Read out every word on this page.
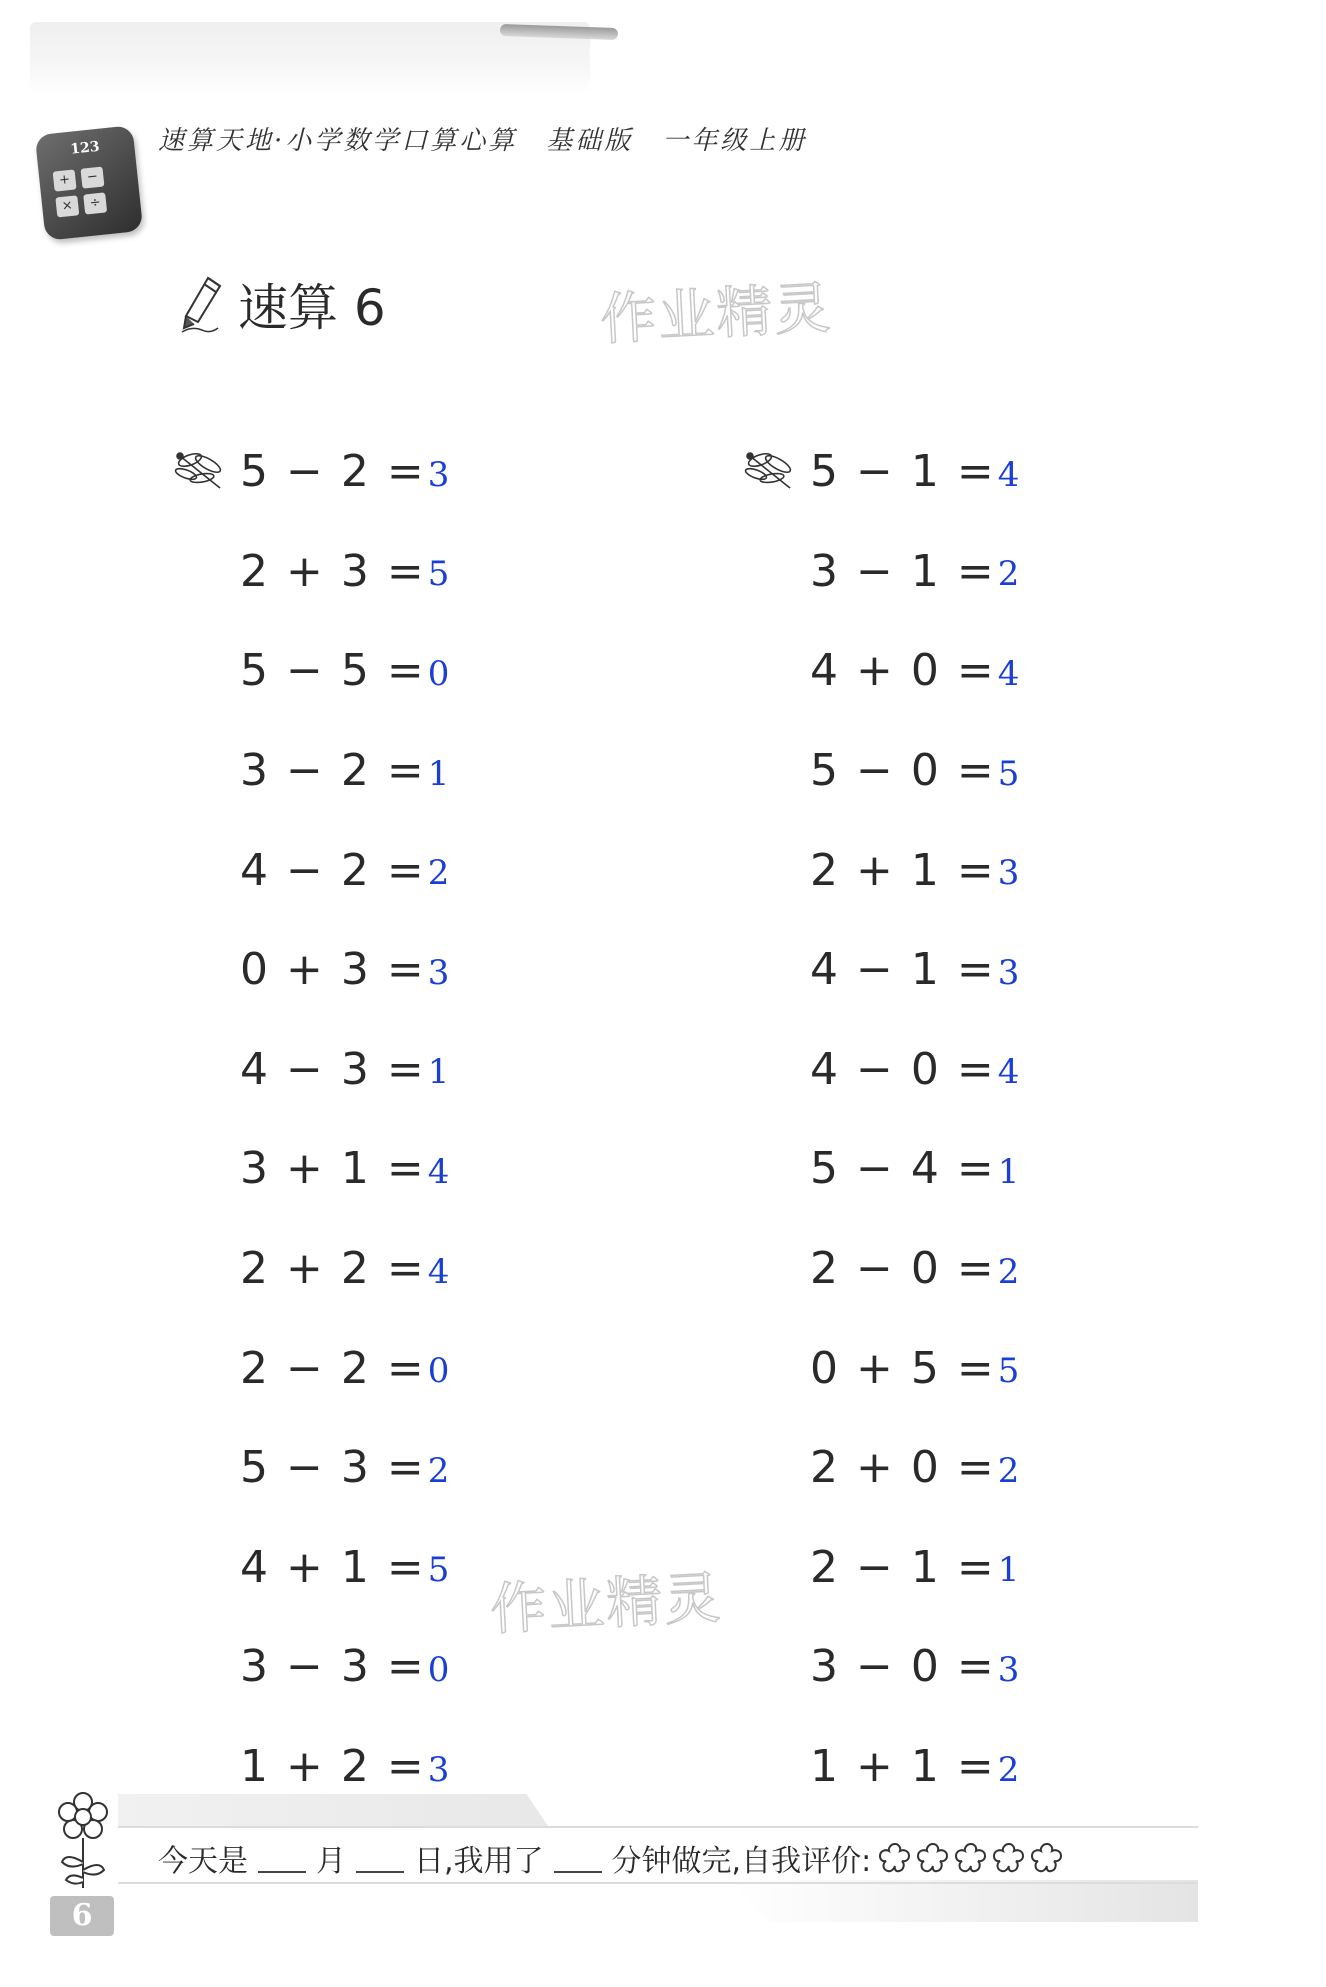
123
+	−
×	÷
速算天地·小学数学口算心算　基础版　一年级上册
速算 6	作业精灵
作业精灵
5 − 2 = 3
2 + 3 = 5
5 − 5 = 0
3 − 2 = 1
4 − 2 = 2
0 + 3 = 3
4 − 3 = 1
3 + 1 = 4
2 + 2 = 4
2 − 2 = 0
5 − 3 = 2
4 + 1 = 5
3 − 3 = 0
1 + 2 = 3
5 − 1 = 4
3 − 1 = 2
4 + 0 = 4
5 − 0 = 5
2 + 1 = 3
4 − 1 = 3
4 − 0 = 4
5 − 4 = 1
2 − 0 = 2
0 + 5 = 5
2 + 0 = 2
2 − 1 = 1
3 − 0 = 3
1 + 1 = 2
今天是 月 日,我用了 分钟做完,自我评价:
6
